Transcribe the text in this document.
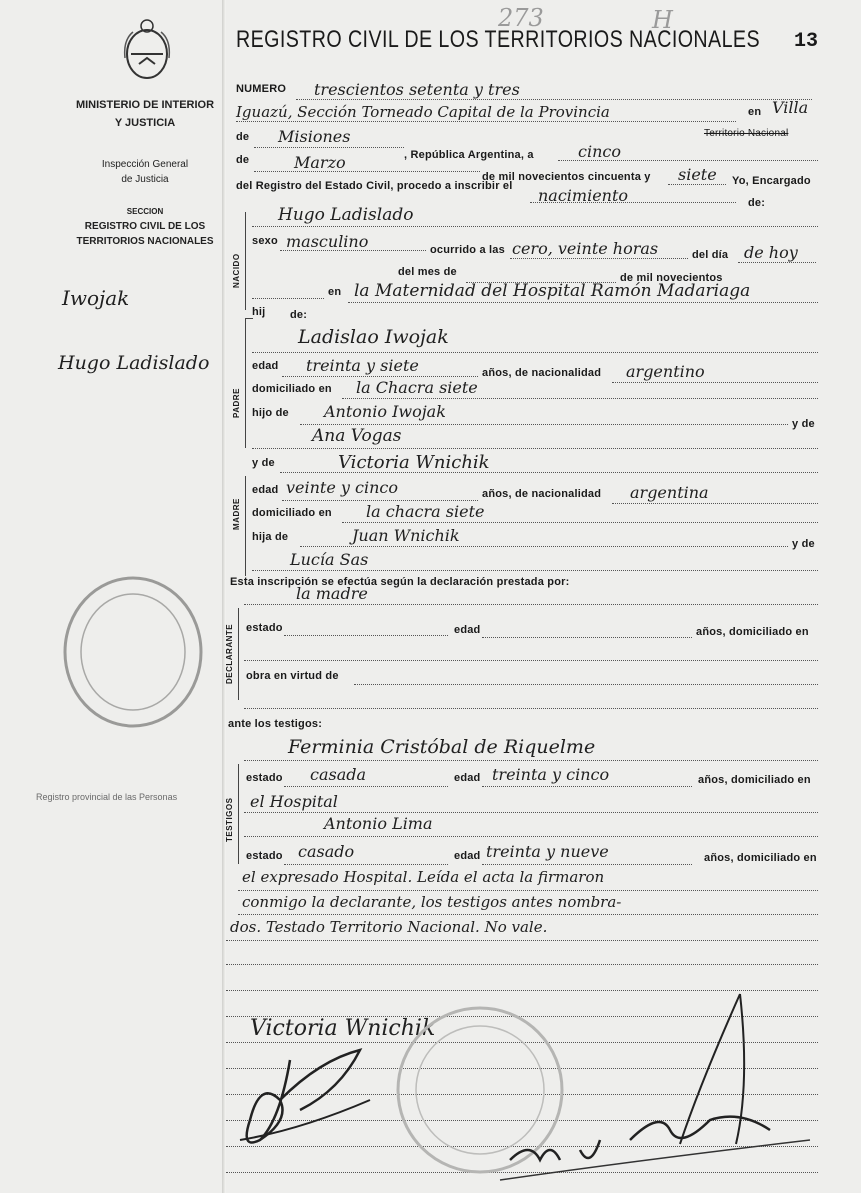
MINISTERIO DE INTERIOR
Y JUSTICIA
Inspección General
de Justicia
SECCION
REGISTRO CIVIL DE LOS
TERRITORIOS NACIONALES
Iwojak
Hugo Ladislado
Registro provincial de las Personas
273	H
13
REGISTRO CIVIL DE LOS TERRITORIOS NACIONALES
NUMERO trescientos setenta y tres
Iguazú, Sección Torneado Capital de la Provincia	en Villa
de Misiones
, República Argentina, a	cinco
Territorio Nacional
de	Marzo
de mil novecientos cincuenta y siete Yo, Encargado
del Registro del Estado Civil, procedo a inscribir el nacimiento	de:
NACIDO
Hugo Ladislado
sexo masculino	ocurrido a las cero, veinte horas	del día de hoy
del mes de	de mil novecientos
en la Maternidad del Hospital Ramón Madariaga
hij de:
PADRE
Ladislao Iwojak
edad treinta y siete	años, de nacionalidad argentino
domiciliado en la Chacra siete
hijo de Antonio Iwojak
y de
Ana Vogas
y de	Victoria Wnichik
MADRE
edad veinte y cinco	años, de nacionalidad argentina
domiciliado en la chacra siete
hija de	Juan Wnichik	y de
Lucía Sas
Esta inscripción se efectúa según la declaración prestada por:
la madre
DECLARANTE estado	edad	años, domiciliado en
obra en virtud de
ante los testigos:
Ferminia Cristóbal de Riquelme
TESTIGOS
estado casada	edad treinta y cinco	años, domiciliado en
el Hospital
Antonio Lima
estado casado	edad treinta y nueve	años, domiciliado en
el expresado Hospital. Leída el acta la firmaron
conmigo la declarante, los testigos antes nombra-
dos. Testado Territorio Nacional. No vale.
Victoria Wnichik
